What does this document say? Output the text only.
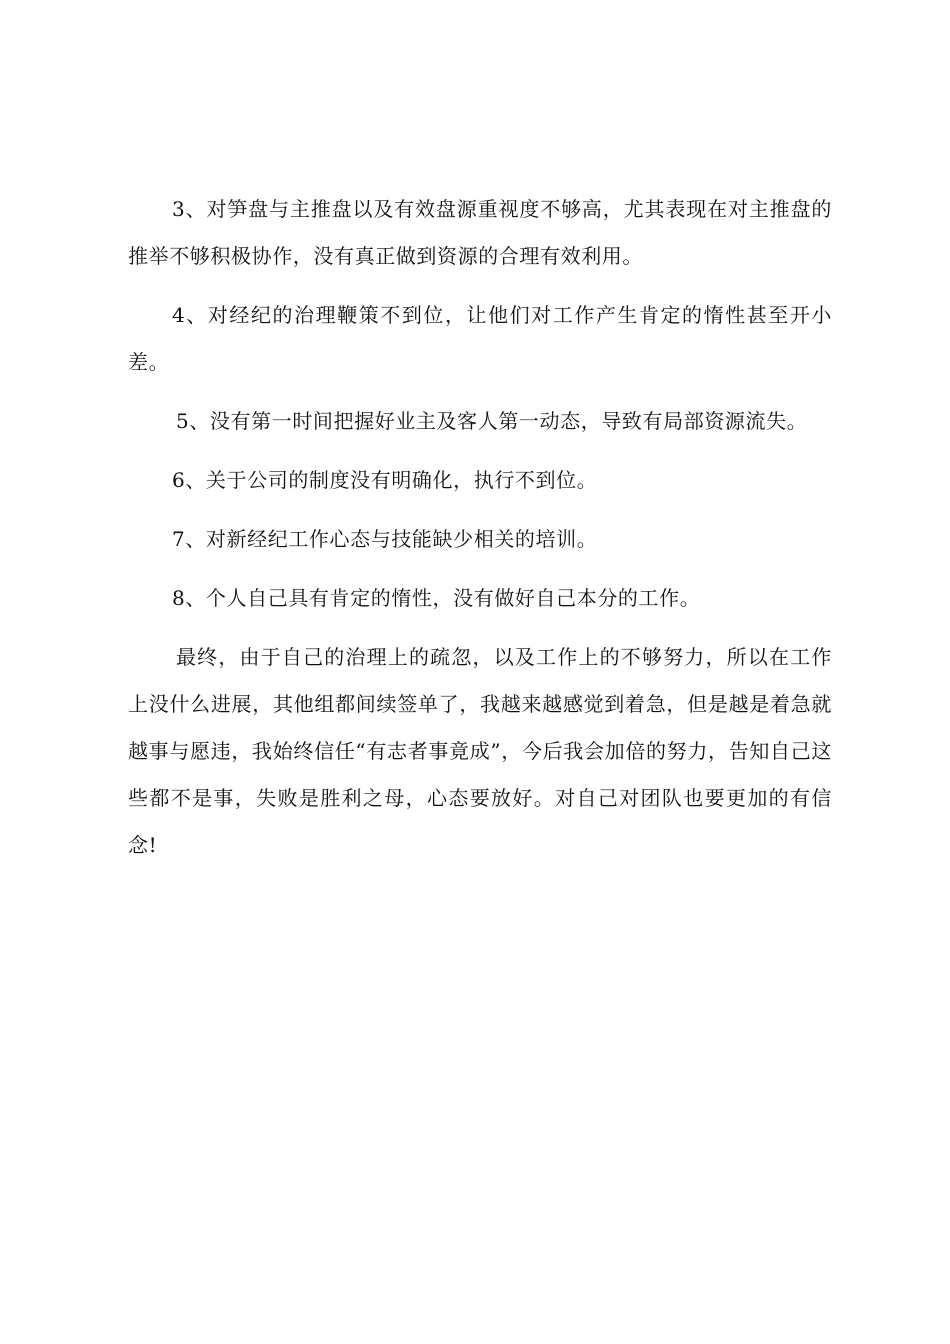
3、对笋盘与主推盘以及有效盘源重视度不够高，尤其表现在对主推盘的推举不够积极协作，没有真正做到资源的合理有效利用。

4、对经纪的治理鞭策不到位，让他们对工作产生肯定的惰性甚至开小差。

5、没有第一时间把握好业主及客人第一动态，导致有局部资源流失。

6、关于公司的制度没有明确化，执行不到位。

7、对新经纪工作心态与技能缺少相关的培训。

8、个人自己具有肯定的惰性，没有做好自己本分的工作。

最终，由于自己的治理上的疏忽，以及工作上的不够努力，所以在工作上没什么进展，其他组都间续签单了，我越来越感觉到着急，但是越是着急就越事与愿违，我始终信任“有志者事竟成”，今后我会加倍的努力，告知自己这些都不是事，失败是胜利之母，心态要放好。对自己对团队也要更加的有信念!
